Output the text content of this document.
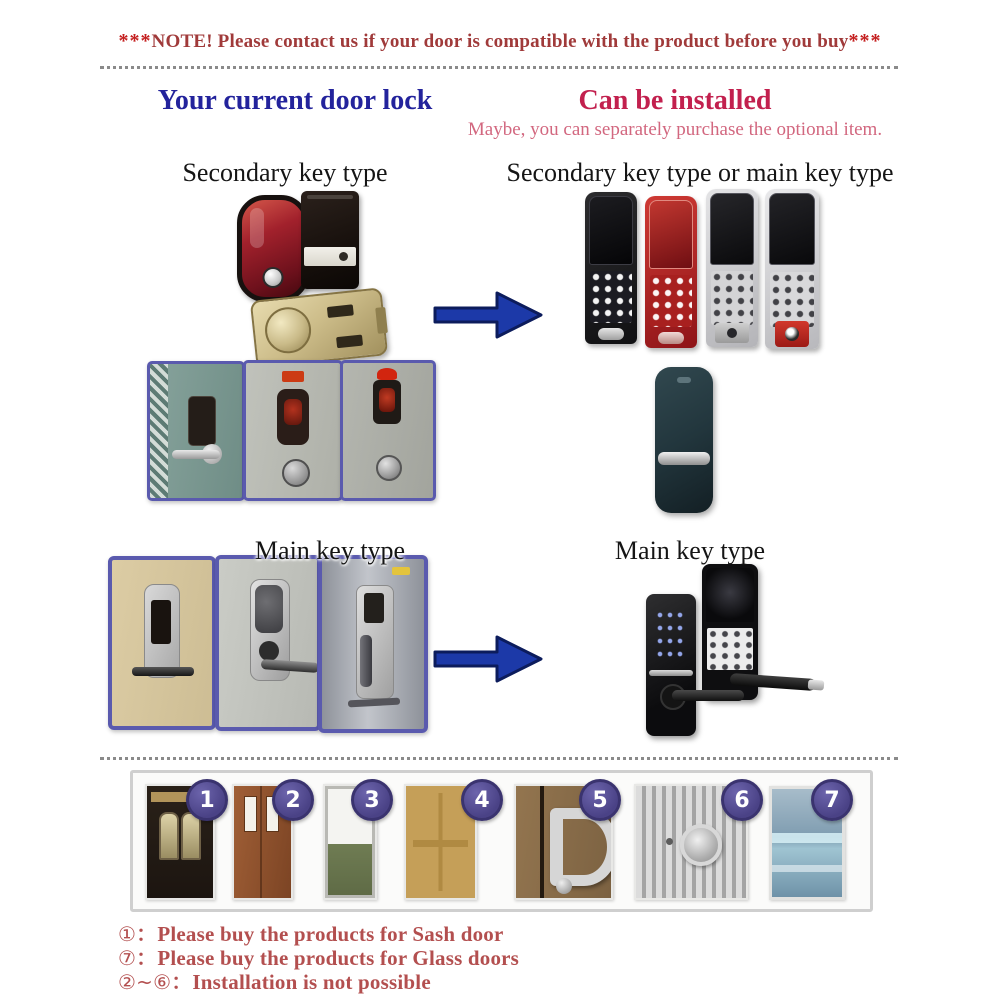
***NOTE! Please contact us if your door is compatible with the product before you buy***
Your current door lock	Can be installed
Maybe, you can separately purchase the optional item.
Secondary key type	Secondary key type or main key type
Main key type	Main key type
1	2	3	4	5	6	7
①：Please buy the products for Sash door
⑦：Please buy the products for Glass doors
②~⑥：Installation is not possible
